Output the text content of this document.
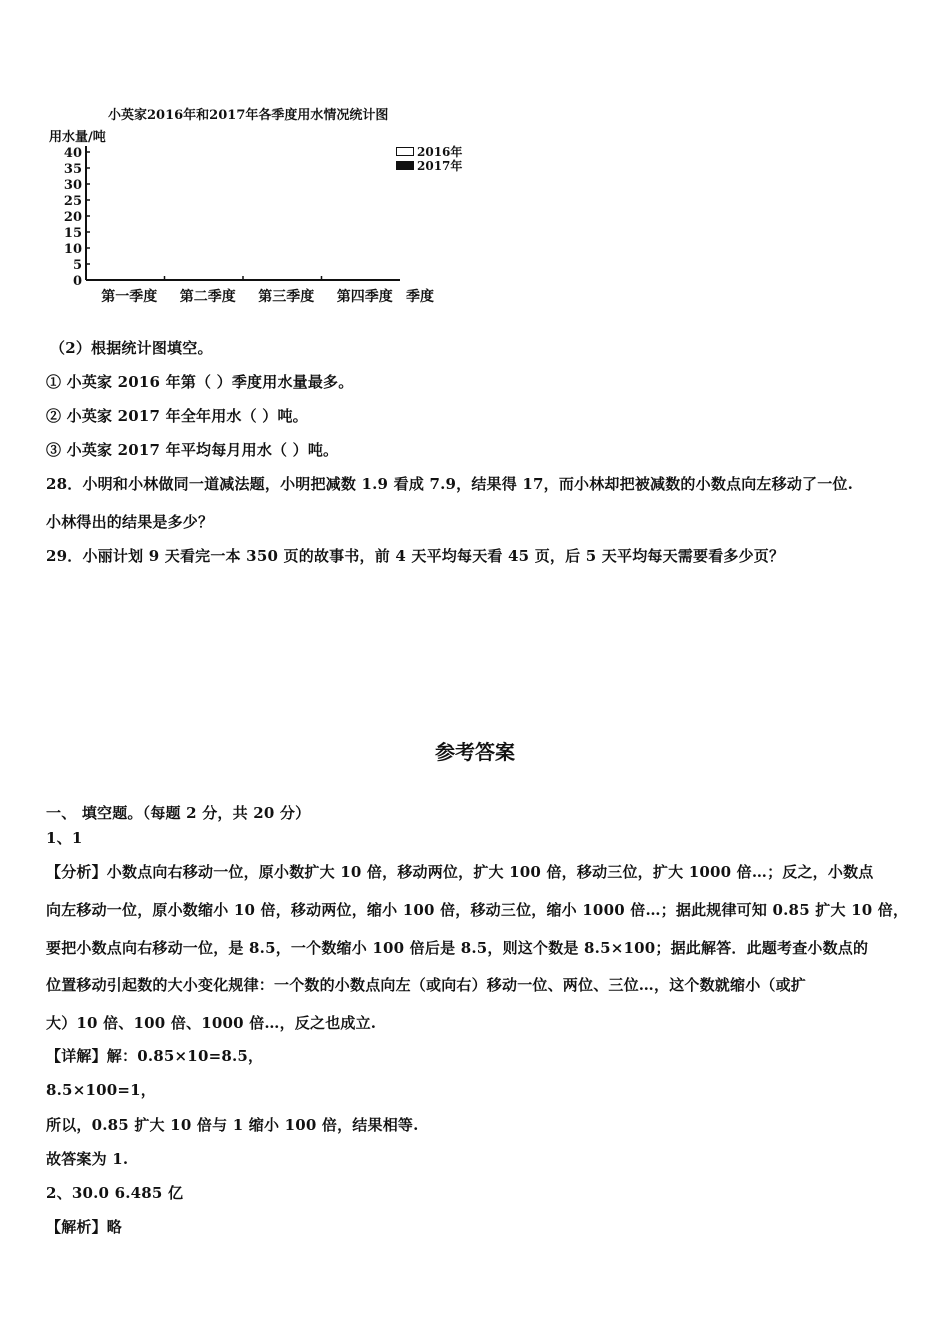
小英家2016年和2017年各季度用水情况统计图
用水量/吨
2016年
2017年
0
5
10
15
20
25
30
35
40
第一季度 第二季度 第三季度 第四季度 季度
（2）根据统计图填空。
① 小英家 2016 年第（ ）季度用水量最多。
② 小英家 2017 年全年用水（ ）吨。
③ 小英家 2017 年平均每月用水（ ）吨。
28．小明和小林做同一道减法题，小明把减数 1.9 看成 7.9，结果得 17，而小林却把被减数的小数点向左移动了一位.
小林得出的结果是多少？
29．小丽计划 9 天看完一本 350 页的故事书，前 4 天平均每天看 45 页，后 5 天平均每天需要看多少页？
参考答案
一、 填空题。（每题 2 分，共 20 分）
1、1
【分析】小数点向右移动一位，原小数扩大 10 倍，移动两位，扩大 100 倍，移动三位，扩大 1000 倍…；反之，小数点
向左移动一位，原小数缩小 10 倍，移动两位，缩小 100 倍，移动三位，缩小 1000 倍…；据此规律可知 0.85 扩大 10 倍，
要把小数点向右移动一位，是 8.5，一个数缩小 100 倍后是 8.5，则这个数是 8.5×100；据此解答．此题考查小数点的
位置移动引起数的大小变化规律：一个数的小数点向左（或向右）移动一位、两位、三位…，这个数就缩小（或扩
大）10 倍、100 倍、1000 倍…，反之也成立.
【详解】解：0.85×10=8.5，
8.5×100=1，
所以，0.85 扩大 10 倍与 1 缩小 100 倍，结果相等.
故答案为 1.
2、30.0 6.485 亿
【解析】略
